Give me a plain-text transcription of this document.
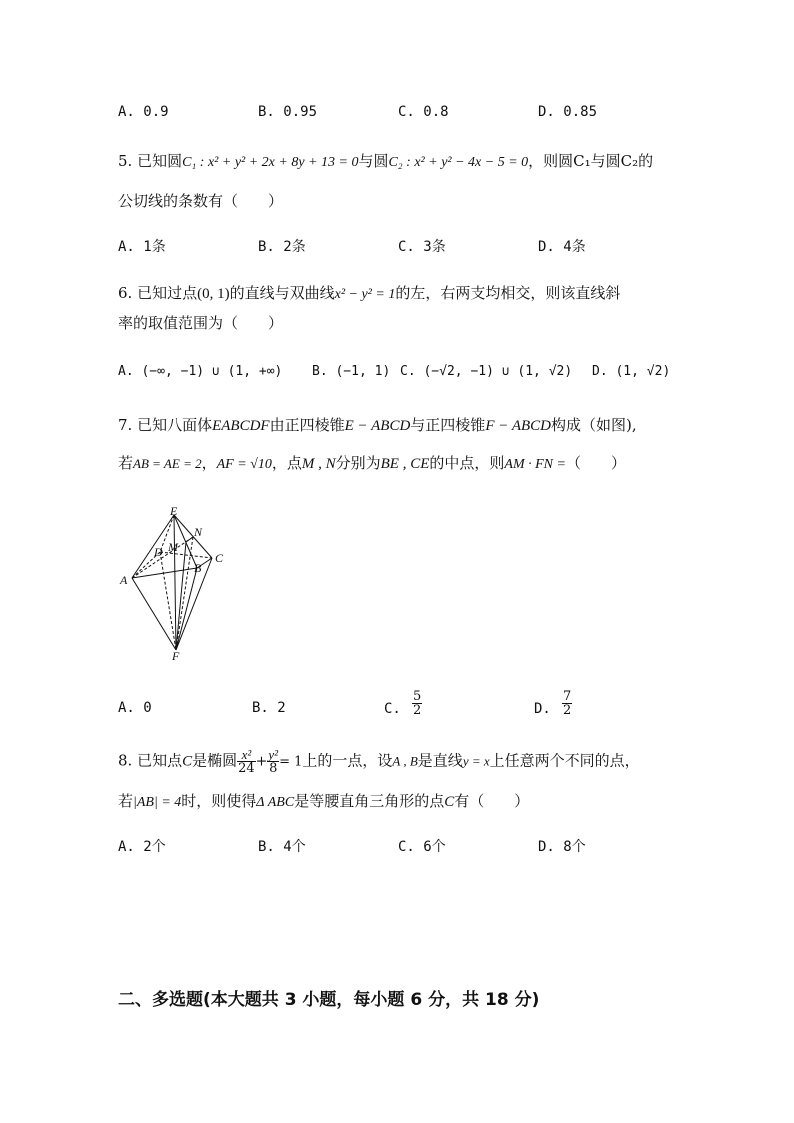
A. 0.9	B. 0.95	C. 0.8	D. 0.85
5. 已知圆C₁ : x² + y² + 2x + 8y + 13 = 0与圆C₂ : x² + y² − 4x − 5 = 0，则圆C₁与圆C₂的
公切线的条数有（　　）
A. 1条	B. 2条	C. 3条	D. 4条
6. 已知过点(0, 1)的直线与双曲线x² − y² = 1的左，右两支均相交，则该直线斜
率的取值范围为（　　）
A. (−∞, −1) ∪ (1, +∞) B. (−1, 1) C. (−√2, −1) ∪ (1, √2) D. (1, √2)
7. 已知八面体EABCDF由正四棱锥E − ABCD与正四棱锥F − ABCD构成（如图),
若AB = AE = 2，AF = √10，点M , N分别为BE , CE的中点，则AM · FN =（　　）
E
N
D M
C
B
A
F
A. 0	B. 2	C. $\frac{5}{2}$	D. $\frac{7}{2}$
8. 已知点C是椭圆 $\frac{\text{x²}}{24} + \frac{\text{y²}}{8} = 1$上的一点，设A , B是直线y = x上任意两个不同的点，
若|AB| = 4时，则使得Δ ABC是等腰直角三角形的点C有（　　）
A. 2个	B. 4个	C. 6个	D. 8个
二、多选题(本大题共 3 小题，每小题 6 分，共 18 分)
